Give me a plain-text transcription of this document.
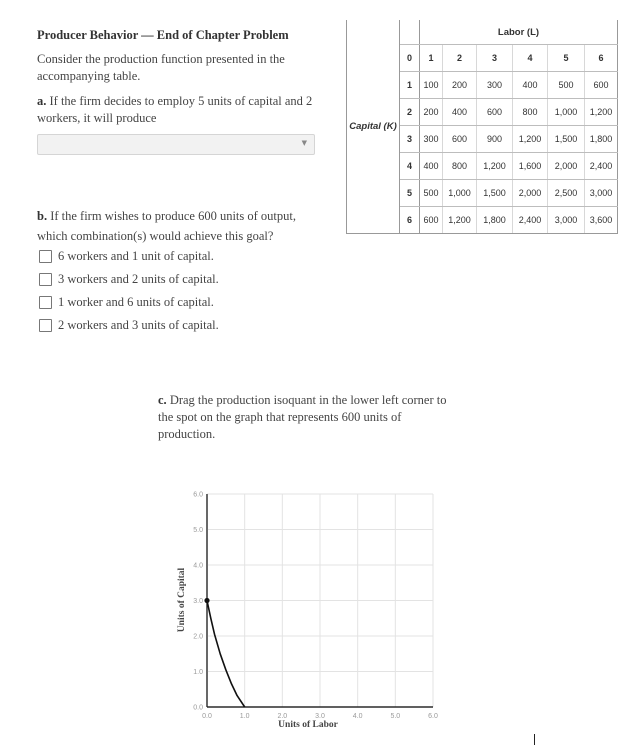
Producer Behavior — End of Chapter Problem
Consider the production function presented in the accompanying table.
a. If the firm decides to employ 5 units of capital and 2 workers, it will produce
▼
b. If the firm wishes to produce 600 units of output, which combination(s) would achieve this goal?
6 workers and 1 unit of capital.
3 workers and 2 units of capital.
1 worker and 6 units of capital.
2 workers and 3 units of capital.
c. Drag the production isoquant in the lower left corner to the spot on the graph that represents 600 units of production.
Capital (K)		Labor (L)					
	0	1	2	3	4	5	6
	1	100	200	300	400	500	600
	2	200	400	600	800	1,000	1,200
	3	300	600	900	1,200	1,500	1,800
	4	400	800	1,200	1,600	2,000	2,400
	5	500	1,000	1,500	2,000	2,500	3,000
	6	600	1,200	1,800	2,400	3,000	3,600
0.0	1.0	2.0	3.0	4.0	5.0	6.0
0.0
1.0
2.0
3.0
4.0
5.0
6.0
Units of Labor
Units of Capital
